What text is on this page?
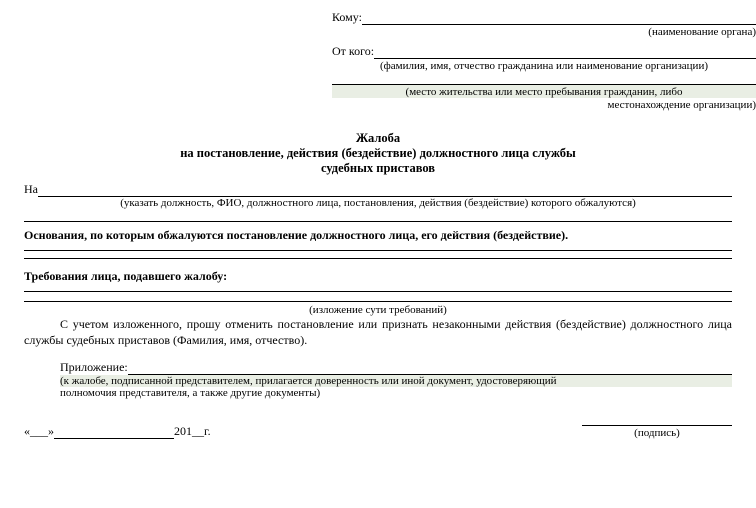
Кому:
(наименование органа)
От кого:
(фамилия, имя, отчество гражданина или наименование организации)
(место жительства или место пребывания гражданин, либо
местонахождение организации)
Жалоба
на постановление, действия (бездействие) должностного лица службы
судебных приставов
На
(указать должность, ФИО, должностного лица, постановления, действия (бездействие) которого обжалуются)
Основания, по которым обжалуются постановление должностного лица, его действия (бездействие).
Требования лица, подавшего жалобу:
(изложение сути требований)
С учетом изложенного, прошу отменить постановление или признать незаконными действия (бездействие) должностного лица службы судебных приставов (Фамилия, имя, отчество).
Приложение:
(к жалобе, подписанной представителем, прилагается доверенность или иной документ, удостоверяющий
полномочия представителя, а также другие документы)
«___»	201__г.	(подпись)
